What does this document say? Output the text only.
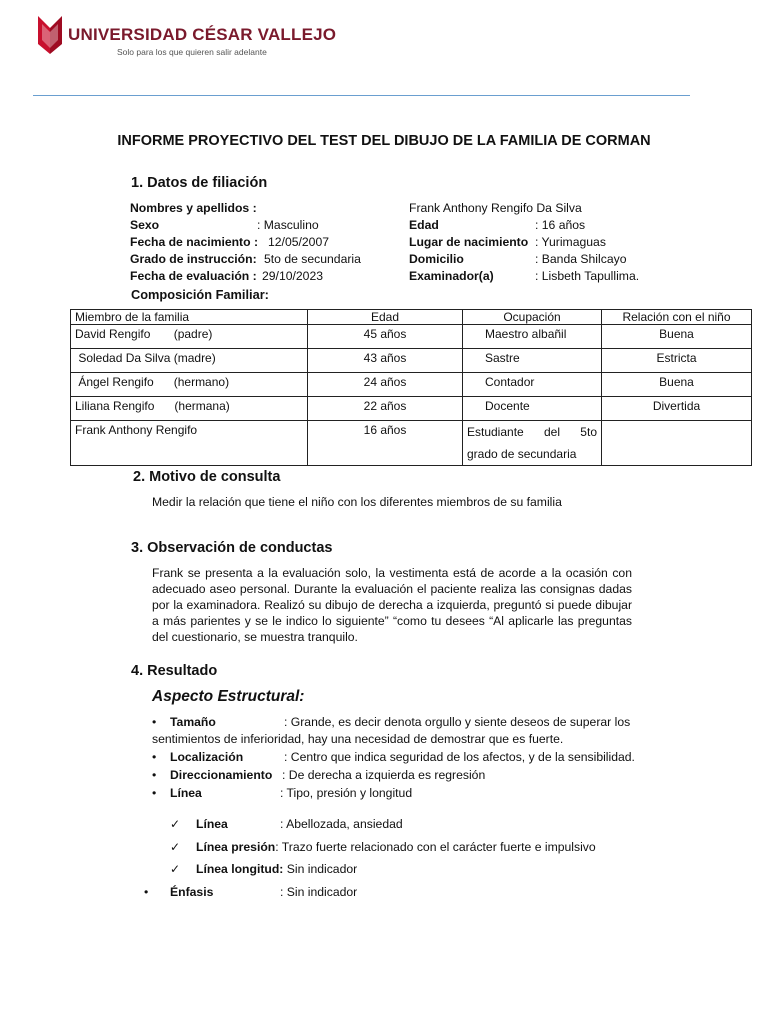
UNIVERSIDAD CÉSAR VALLEJO
Solo para los que quieren salir adelante
INFORME PROYECTIVO DEL TEST DEL DIBUJO DE LA FAMILIA DE CORMAN
1. Datos de filiación
Nombres y apellidos :	Frank Anthony Rengifo Da Silva
Sexo	: Masculino	Edad	: 16 años
Fecha de nacimiento : 12/05/2007	Lugar de nacimiento : Yurimaguas
Grado de instrucción: 5to de secundaria	Domicilio	: Banda Shilcayo
Fecha de evaluación : 29/10/2023	Examinador(a)	: Lisbeth Tapullima.
Composición Familiar:
Miembro de la familia	Edad	Ocupación	Relación con el niño
David Rengifo       (padre)	45 años	Maestro albañil	Buena
Soledad Da Silva (madre)	43 años	Sastre	Estricta
Ángel Rengifo      (hermano)	24 años	Contador	Buena
Liliana Rengifo      (hermana)	22 años	Docente	Divertida
Frank Anthony Rengifo	16 años	Estudiante del 5to grado de secundaria	
2. Motivo de consulta
Medir la relación que tiene el niño con los diferentes miembros de su familia
3. Observación de conductas
Frank se presenta a la evaluación solo, la vestimenta está de acorde a la ocasión con adecuado aseo personal. Durante la evaluación el paciente realiza las consignas dadas por la examinadora. Realizó su dibujo de derecha a izquierda, preguntó si puede dibujar a más parientes y se le indico lo siguiente” “como tu desees “Al aplicarle las preguntas del cuestionario, se muestra tranquilo.
4. Resultado
Aspecto Estructural:
• Tamaño	: Grande, es decir denota orgullo y siente deseos de superar los
sentimientos de inferioridad, hay una necesidad de demostrar que es fuerte.
• Localización	: Centro que indica seguridad de los afectos, y de la sensibilidad.
• Direccionamiento : De derecha a izquierda es regresión
• Línea	: Tipo, presión y longitud
✓ Línea	: Abellozada, ansiedad
✓ Línea presión: Trazo fuerte relacionado con el carácter fuerte e impulsivo
✓ Línea longitud: Sin indicador
• Énfasis	: Sin indicador
